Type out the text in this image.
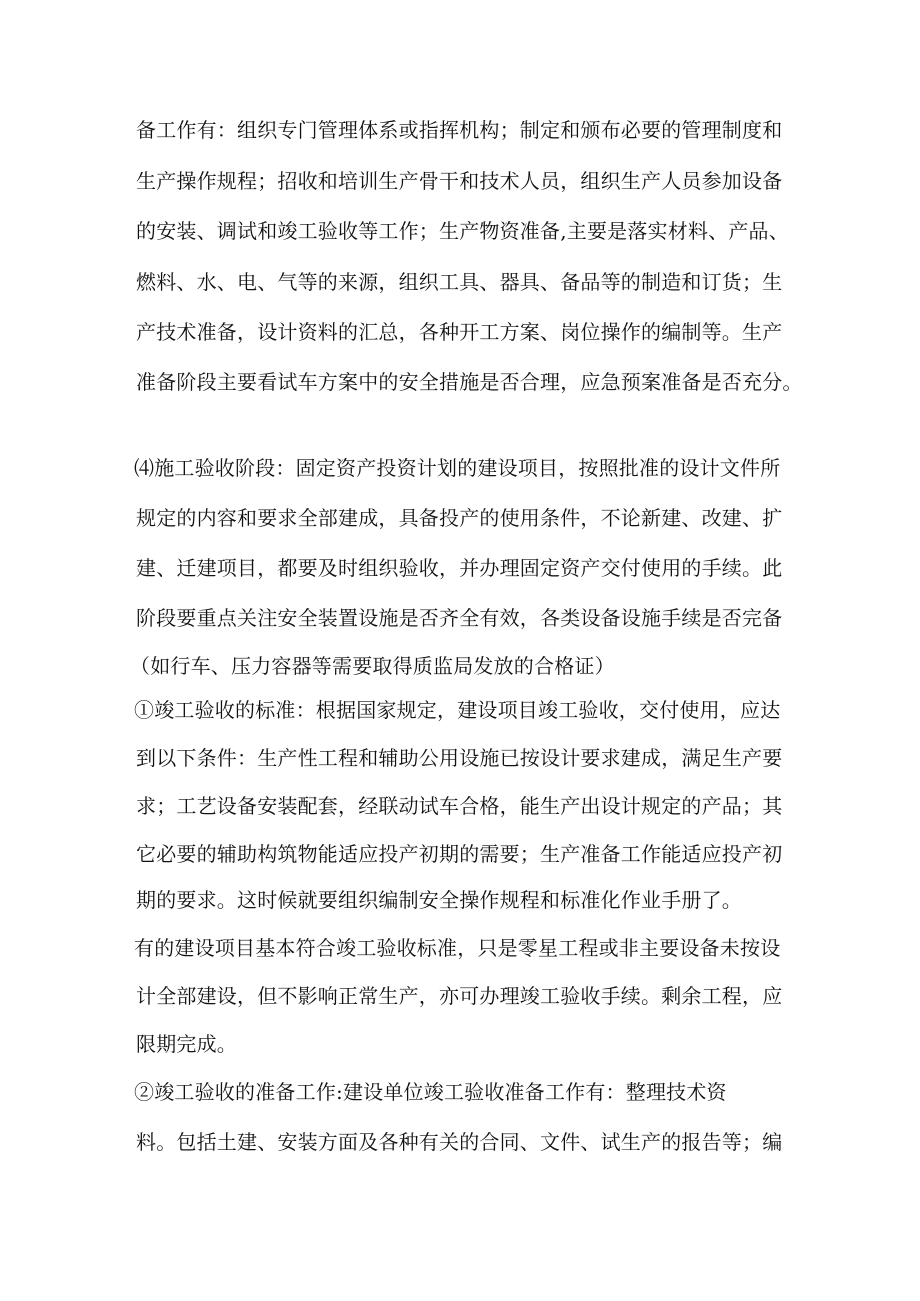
备工作有：组织专门管理体系或指挥机构；制定和颁布必要的管理制度和
生产操作规程；招收和培训生产骨干和技术人员，组织生产人员参加设备
的安装、调试和竣工验收等工作；生产物资准备,主要是落实材料、产品、
燃料、水、电、气等的来源，组织工具、器具、备品等的制造和订货；生
产技术准备，设计资料的汇总，各种开工方案、岗位操作的编制等。生产
准备阶段主要看试车方案中的安全措施是否合理，应急预案准备是否充分。
⑷施工验收阶段：固定资产投资计划的建设项目，按照批准的设计文件所
规定的内容和要求全部建成，具备投产的使用条件，不论新建、改建、扩
建、迁建项目，都要及时组织验收，并办理固定资产交付使用的手续。此
阶段要重点关注安全装置设施是否齐全有效，各类设备设施手续是否完备
（如行车、压力容器等需要取得质监局发放的合格证）
①竣工验收的标准：根据国家规定，建设项目竣工验收，交付使用，应达
到以下条件：生产性工程和辅助公用设施已按设计要求建成，满足生产要
求；工艺设备安装配套，经联动试车合格，能生产出设计规定的产品；其
它必要的辅助构筑物能适应投产初期的需要；生产准备工作能适应投产初
期的要求。这时候就要组织编制安全操作规程和标准化作业手册了。
有的建设项目基本符合竣工验收标准，只是零星工程或非主要设备未按设
计全部建设，但不影响正常生产，亦可办理竣工验收手续。剩余工程，应
限期完成。
②竣工验收的准备工作:建设单位竣工验收准备工作有：整理技术资
料。包括土建、安装方面及各种有关的合同、文件、试生产的报告等；编
